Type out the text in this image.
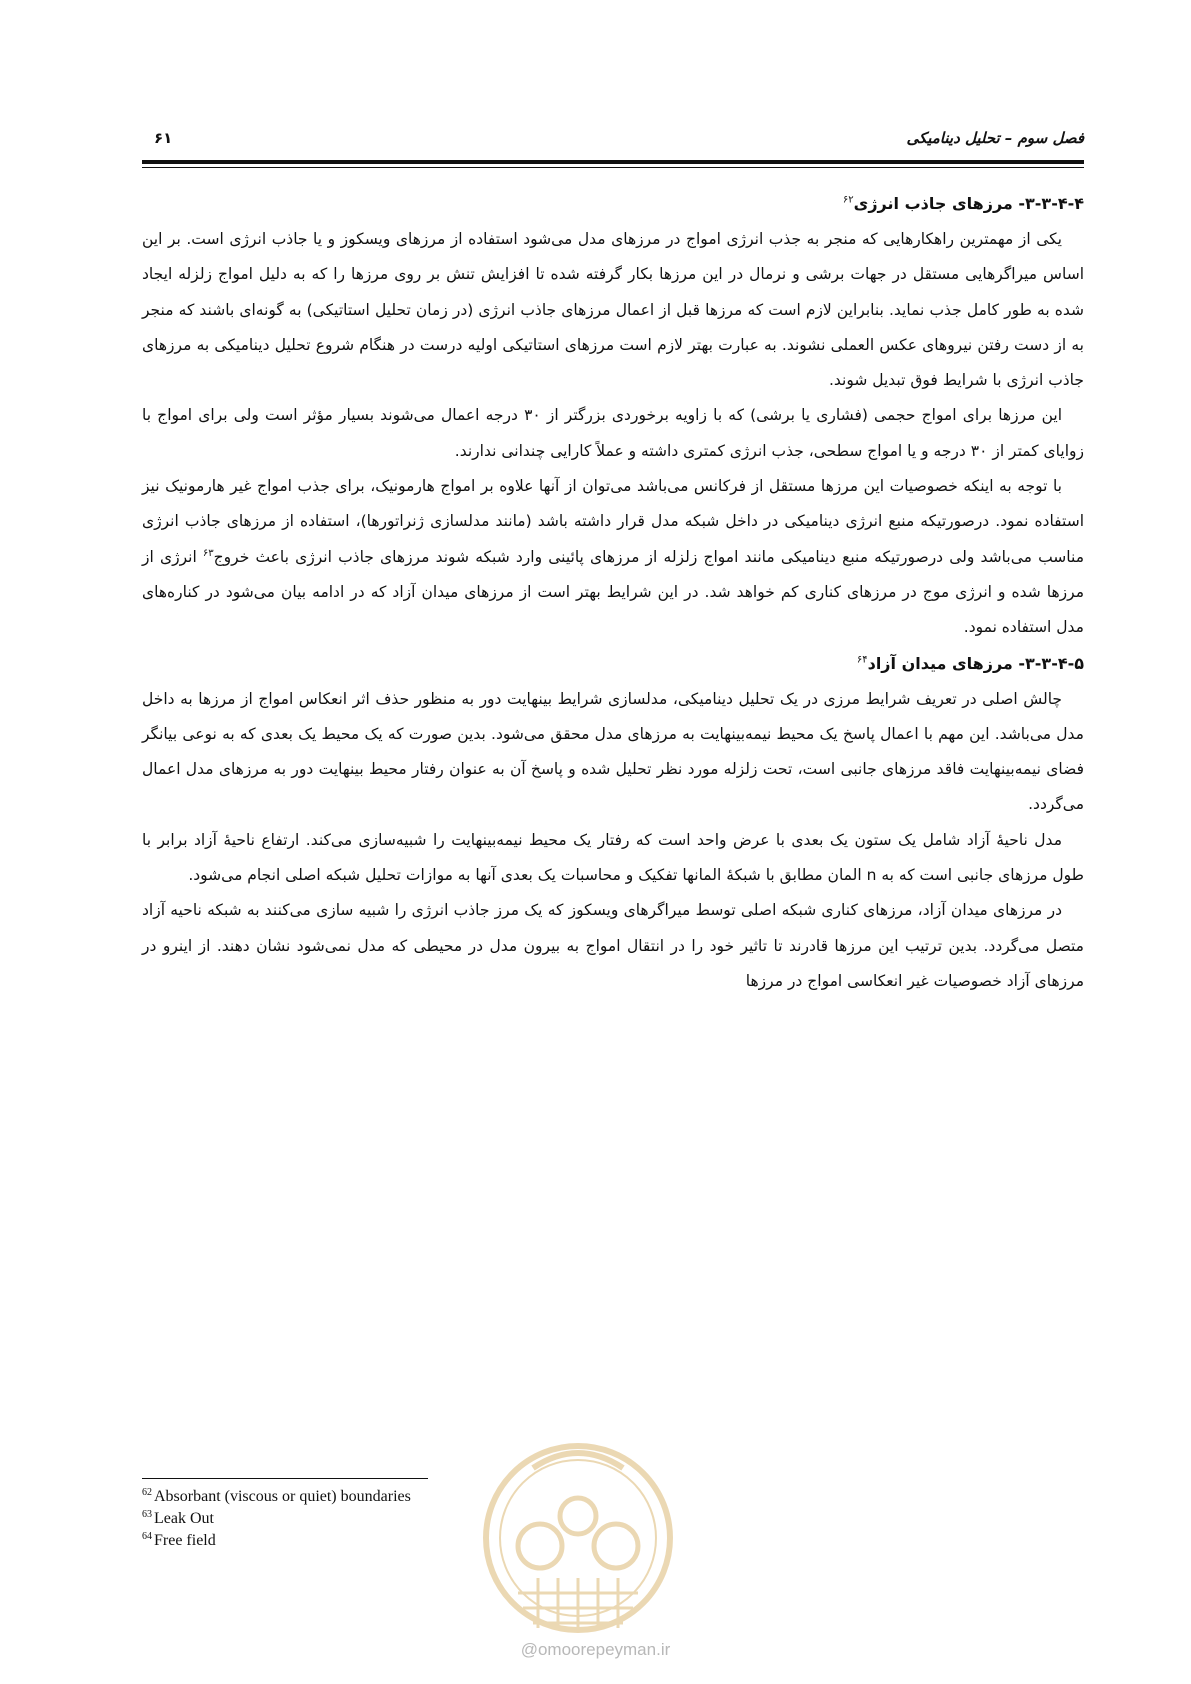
فصل سوم – تحلیل دینامیکی
۶۱

۳-۳-۴-۴- مرزهای جاذب انرژی$^{۶۲}$

یکی از مهمترین راهکارهایی که منجر به جذب انرژی امواج در مرزهای مدل می‌شود استفاده از مرزهای ویسکوز و یا جاذب انرژی است. بر این اساس میراگرهایی مستقل در جهات برشی و نرمال در این مرزها بکار گرفته شده تا افزایش تنش بر روی مرزها را که به دلیل امواج زلزله ایجاد شده به طور کامل جذب نماید. بنابراین لازم است که مرزها قبل از اعمال مرزهای جاذب انرژی (در زمان تحلیل استاتیکی) به گونه‌ای باشند که منجر به از دست رفتن نیروهای عکس العملی نشوند. به عبارت بهتر لازم است مرزهای استاتیکی اولیه درست در هنگام شروع تحلیل دینامیکی به مرزهای جاذب انرژی با شرایط فوق تبدیل شوند.

این مرزها برای امواج حجمی (فشاری یا برشی) که با زاویه برخوردی بزرگتر از ۳۰ درجه اعمال می‌شوند بسیار مؤثر است ولی برای امواج با زوایای کمتر از ۳۰ درجه و یا امواج سطحی، جذب انرژی کمتری داشته و عملاً کارایی چندانی ندارند.

با توجه به اینکه خصوصیات این مرزها مستقل از فرکانس می‌باشد می‌توان از آنها علاوه بر امواج هارمونیک، برای جذب امواج غیر هارمونیک نیز استفاده نمود. درصورتیکه منبع انرژی دینامیکی در داخل شبکه مدل قرار داشته باشد (مانند مدلسازی ژنراتورها)، استفاده از مرزهای جاذب انرژی مناسب می‌باشد ولی درصورتیکه منبع دینامیکی مانند امواج زلزله از مرزهای پائینی وارد شبکه شوند مرزهای جاذب انرژی باعث خروج$^{۶۳}$ انرژی از مرزها شده و انرژی موج در مرزهای کناری کم خواهد شد. در این شرایط بهتر است از مرزهای میدان آزاد که در ادامه بیان می‌شود در کناره‌های مدل استفاده نمود.

۳-۳-۴-۵- مرزهای میدان آزاد$^{۶۴}$

چالش اصلی در تعریف شرایط مرزی در یک تحلیل دینامیکی، مدلسازی شرایط بینهایت دور به منظور حذف اثر انعکاس امواج از مرزها به داخل مدل می‌باشد. این مهم با اعمال پاسخ یک محیط نیمه‌بینهایت به مرزهای مدل محقق می‌شود. بدین صورت که یک محیط یک بعدی که به نوعی بیانگر فضای نیمه‌بینهایت فاقد مرزهای جانبی است، تحت زلزله مورد نظر تحلیل شده و پاسخ آن به عنوان رفتار محیط بینهایت دور به مرزهای مدل اعمال می‌گردد.

مدل ناحیۀ آزاد شامل یک ستون یک بعدی با عرض واحد است که رفتار یک محیط نیمه‌بینهایت را شبیه‌سازی می‌کند. ارتفاع ناحیۀ آزاد برابر با طول مرزهای جانبی است که به n المان مطابق با شبکۀ المانها تفکیک و محاسبات یک بعدی آنها به موازات تحلیل شبکه اصلی انجام می‌شود.

در مرزهای میدان آزاد، مرزهای کناری شبکه اصلی توسط میراگرهای ویسکوز که یک مرز جاذب انرژی را شبیه سازی می‌کنند به شبکه ناحیه آزاد متصل می‌گردد. بدین ترتیب این مرزها قادرند تا تاثیر خود را در انتقال امواج به بیرون مدل در محیطی که مدل نمی‌شود نشان دهند. از اینرو در مرزهای آزاد خصوصیات غیر انعکاسی امواج در مرزها

$^{62}$ Absorbant (viscous or quiet) boundaries

$^{63}$ Leak Out

$^{64}$ Free field

@omoorepeyman.ir
